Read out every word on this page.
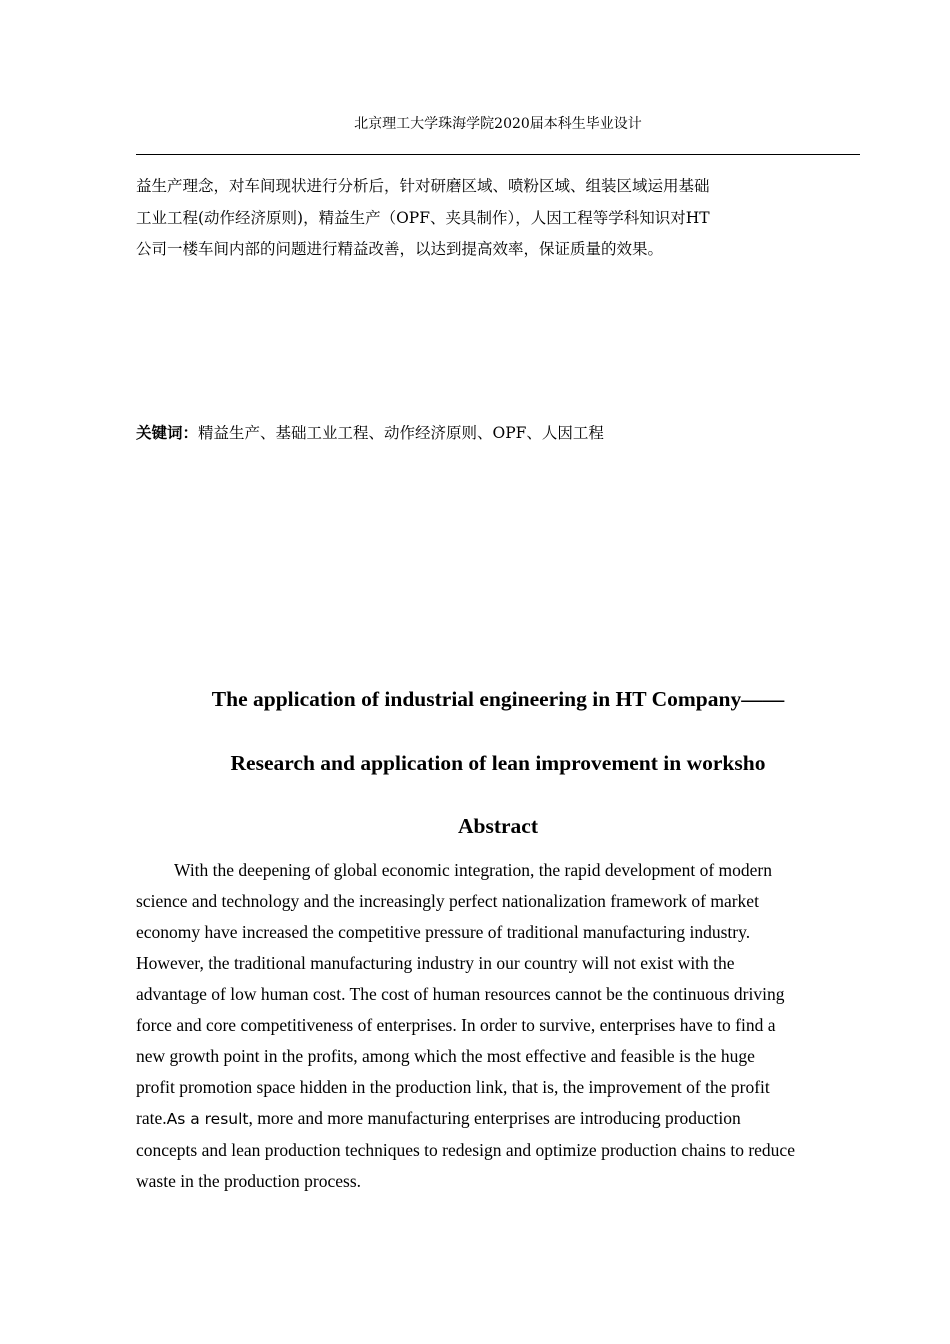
北京理工大学珠海学院2020届本科生毕业设计

益生产理念，对车间现状进行分析后，针对研磨区域、喷粉区域、组装区域运用基础
工业工程(动作经济原则)，精益生产（OPF、夹具制作），人因工程等学科知识对HT
公司一楼车间内部的问题进行精益改善，以达到提高效率，保证质量的效果。

关键词：精益生产、基础工业工程、动作经济原则、OPF、人因工程
The application of industrial engineering in HT Company——
Research and application of lean improvement in worksho
Abstract

With the deepening of global economic integration, the rapid development of modern
science and technology and the increasingly perfect nationalization framework of market
economy have increased the competitive pressure of traditional manufacturing industry.
However, the traditional manufacturing industry in our country will not exist with the
advantage of low human cost. The cost of human resources cannot be the continuous driving
force and core competitiveness of enterprises. In order to survive, enterprises have to find a
new growth point in the profits, among which the most effective and feasible is the huge
profit promotion space hidden in the production link, that is, the improvement of the profit
rate.As a result, more and more manufacturing enterprises are introducing production
concepts and lean production techniques to redesign and optimize production chains to reduce
waste in the production process.
